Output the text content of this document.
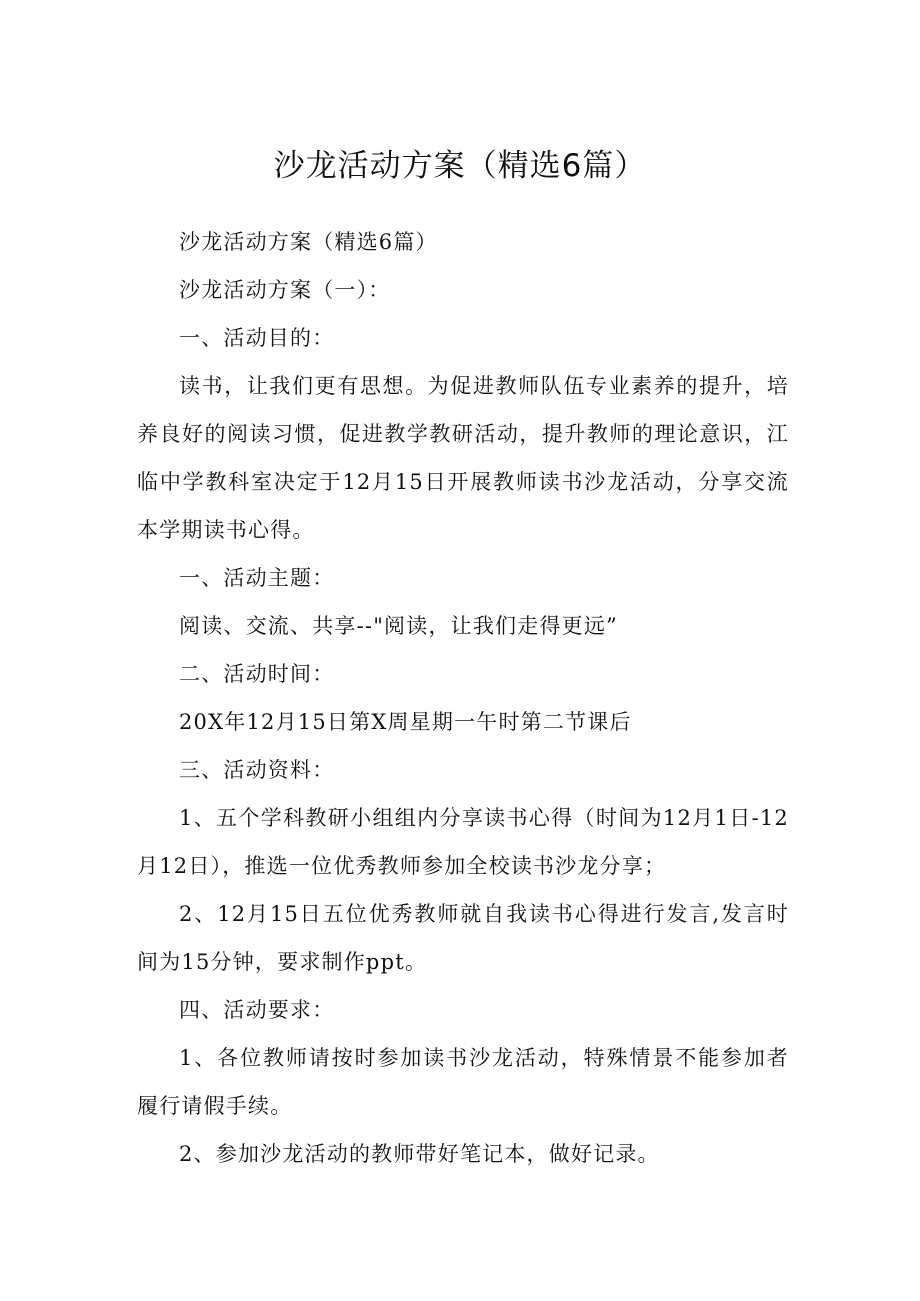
沙龙活动方案（精选6篇）

沙龙活动方案（精选6篇）

沙龙活动方案（一）：

一、活动目的：

读书，让我们更有思想。为促进教师队伍专业素养的提升，培养良好的阅读习惯，促进教学教研活动，提升教师的理论意识，江临中学教科室决定于12月15日开展教师读书沙龙活动，分享交流本学期读书心得。

一、活动主题：

阅读、交流、共享--"阅读，让我们走得更远”

二、活动时间：

20X年12月15日第X周星期一午时第二节课后

三、活动资料：

1、五个学科教研小组组内分享读书心得（时间为12月1日-12月12日），推选一位优秀教师参加全校读书沙龙分享；

2、12月15日五位优秀教师就自我读书心得进行发言,发言时间为15分钟，要求制作ppt。

四、活动要求：

1、各位教师请按时参加读书沙龙活动，特殊情景不能参加者履行请假手续。

2、参加沙龙活动的教师带好笔记本，做好记录。
